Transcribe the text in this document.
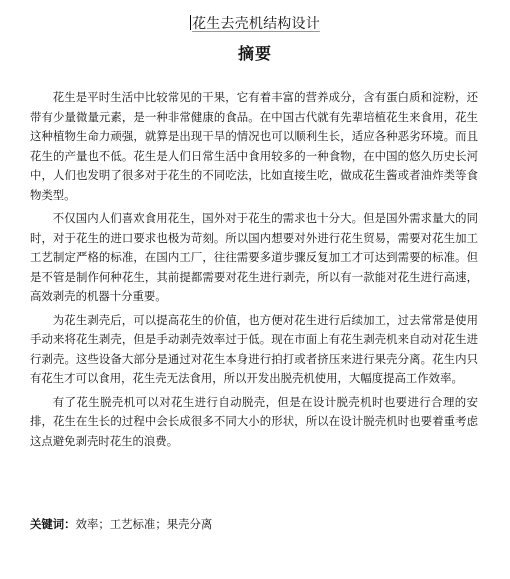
花生去壳机结构设计
摘要

花生是平时生活中比较常见的干果，它有着丰富的营养成分，含有蛋白质和淀粉，还带有少量微量元素，是一种非常健康的食品。在中国古代就有先辈培植花生来食用，花生这种植物生命力顽强，就算是出现干旱的情况也可以顺利生长，适应各种恶劣环境。而且花生的产量也不低。花生是人们日常生活中食用较多的一种食物，在中国的悠久历史长河中，人们也发明了很多对于花生的不同吃法，比如直接生吃，做成花生酱或者油炸类等食物类型。

不仅国内人们喜欢食用花生，国外对于花生的需求也十分大。但是国外需求量大的同时，对于花生的进口要求也极为苛刻。所以国内想要对外进行花生贸易，需要对花生加工工艺制定严格的标准，在国内工厂，往往需要多道步骤反复加工才可达到需要的标准。但是不管是制作何种花生，其前提都需要对花生进行剥壳，所以有一款能对花生进行高速，高效剥壳的机器十分重要。

为花生剥壳后，可以提高花生的价值，也方便对花生进行后续加工，过去常常是使用手动来将花生剥壳，但是手动剥壳效率过于低。现在市面上有花生剥壳机来自动对花生进行剥壳。这些设备大部分是通过对花生本身进行拍打或者挤压来进行果壳分离。花生内只有花生才可以食用，花生壳无法食用，所以开发出脱壳机使用，大幅度提高工作效率。

有了花生脱壳机可以对花生进行自动脱壳，但是在设计脱壳机时也要进行合理的安排，花生在生长的过程中会长成很多不同大小的形状，所以在设计脱壳机时也要着重考虑这点避免剥壳时花生的浪费。

关键词：效率；工艺标准；果壳分离
